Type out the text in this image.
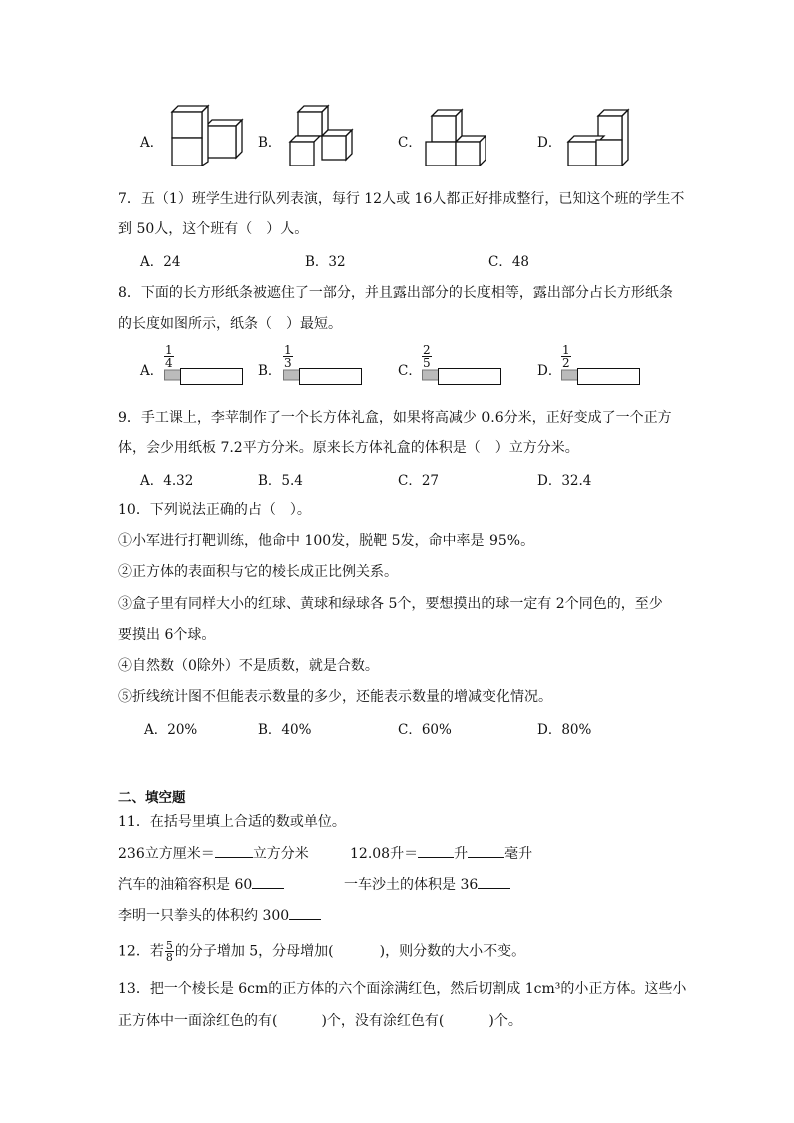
A．	B．	C．	D．
7．五（1）班学生进行队列表演，每行 12人或 16人都正好排成整行，已知这个班的学生不
到 50人，这个班有（　）人。
A．24	B．32	C．48
8．下面的长方形纸条被遮住了一部分，并且露出部分的长度相等，露出部分占长方形纸条
的长度如图所示，纸条（　）最短。
A．
$\frac{1}{4}$
B．
$\frac{1}{3}$
C．
$\frac{2}{5}$
D．
$\frac{1}{2}$
9．手工课上，李苹制作了一个长方体礼盒，如果将高减少 0.6分米，正好变成了一个正方
体，会少用纸板 7.2平方分米。原来长方体礼盒的体积是（　）立方分米。
A．4.32	B．5.4	C．27	D．32.4
10．下列说法正确的占（　）。
①小军进行打靶训练，他命中 100发，脱靶 5发，命中率是 95%。
②正方体的表面积与它的棱长成正比例关系。
③盒子里有同样大小的红球、黄球和绿球各 5个，要想摸出的球一定有 2个同色的，至少
要摸出 6个球。
④自然数（0除外）不是质数，就是合数。
⑤折线统计图不但能表示数量的多少，还能表示数量的增减变化情况。
A．20%	B．40%	C．60%	D．80%
二、填空题
11．在括号里填上合适的数或单位。
236立方厘米＝	立方分米	12.08升＝	升	毫升
汽车的油箱容积是 60	一车沙土的体积是 36
李明一只拳头的体积约 300
12．若 $\frac{5}{8}$ 的分子增加 5，分母增加(	)，则分数的大小不变。
13．把一个棱长是 6cm的正方体的六个面涂满红色，然后切割成 1cm³的小正方体。这些小
正方体中一面涂红色的有(	)个，没有涂红色有(	)个。
